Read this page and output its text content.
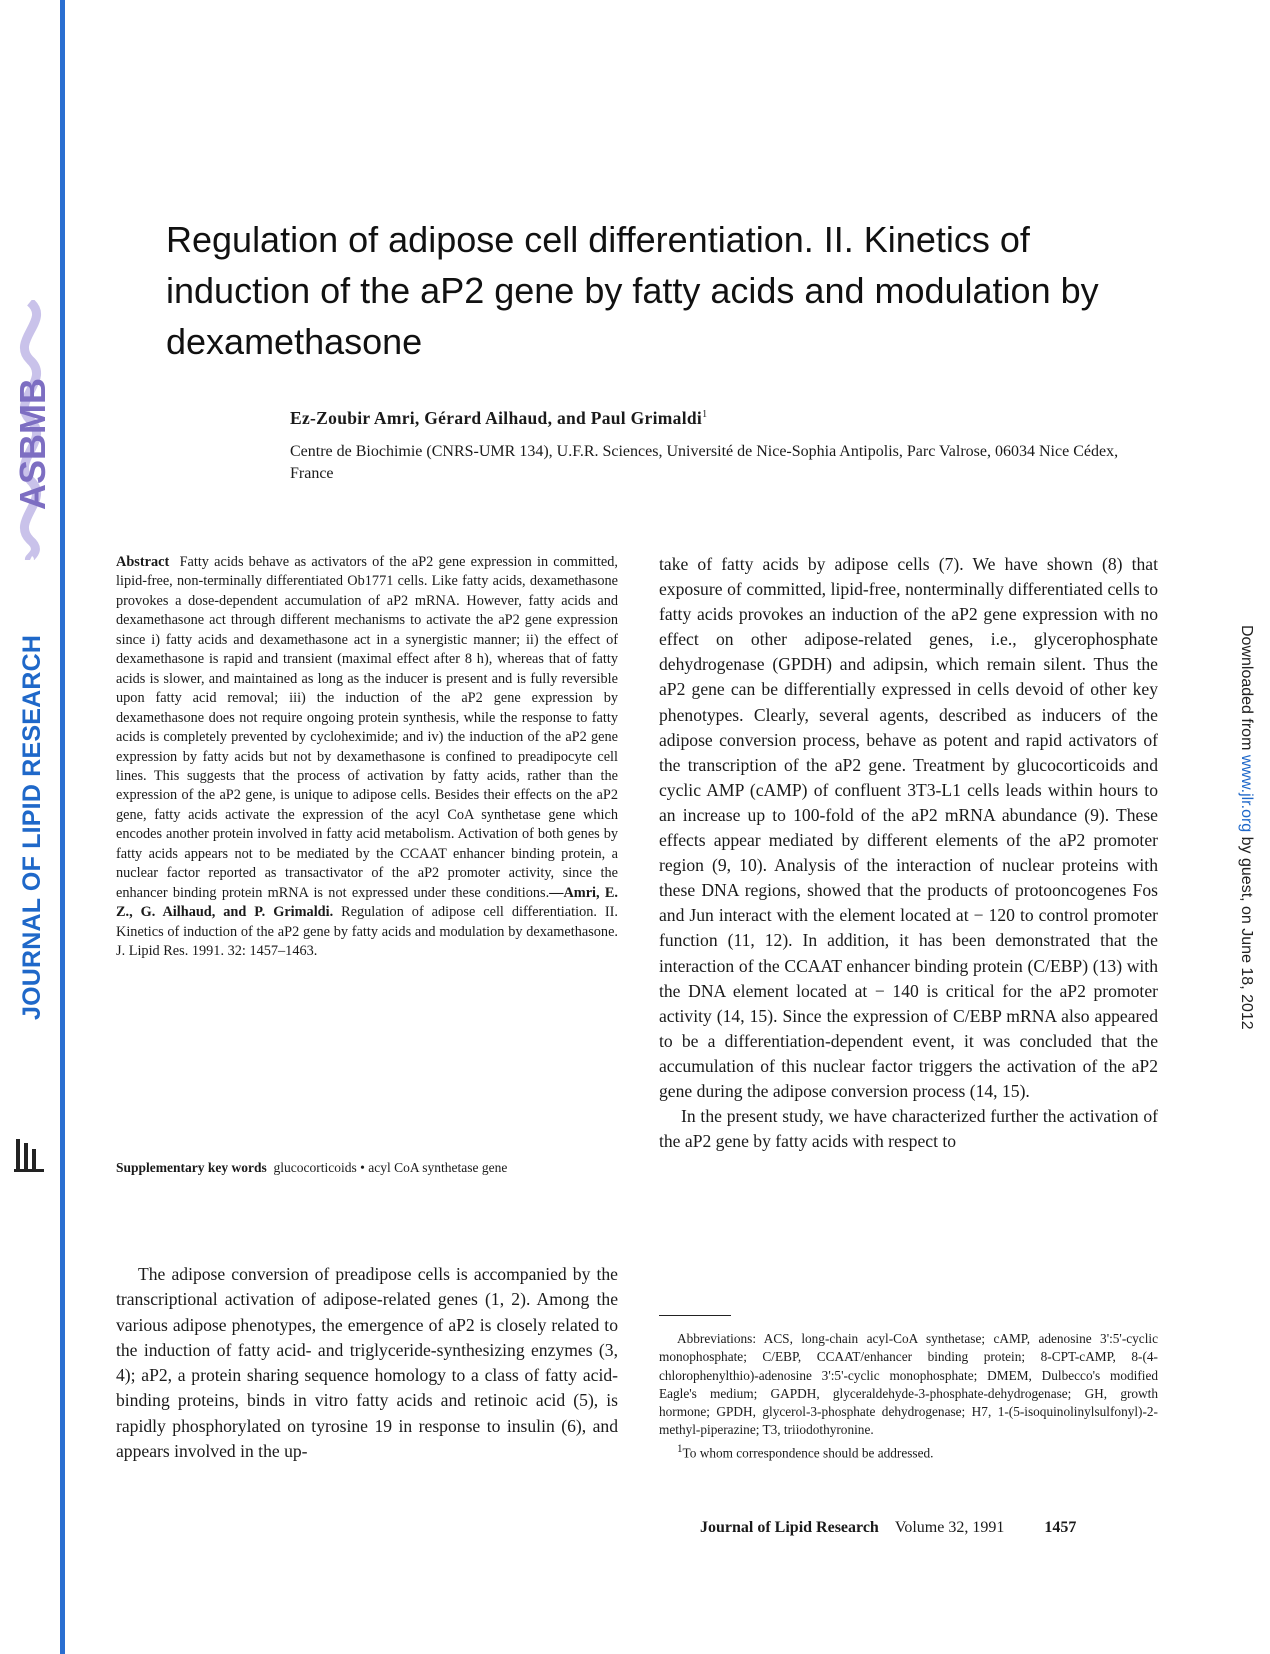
ASBMB
JOURNAL OF LIPID RESEARCH	Downloaded from www.jlr.org by guest, on June 18, 2012
Regulation of adipose cell differentiation. II. Kinetics of induction of the aP2 gene by fatty acids and modulation by dexamethasone
Ez-Zoubir Amri, Gérard Ailhaud, and Paul Grimaldi$^1$
Centre de Biochimie (CNRS-UMR 134), U.F.R. Sciences, Université de Nice-Sophia Antipolis, Parc Valrose, 06034 Nice Cédex, France

Abstract Fatty acids behave as activators of the aP2 gene expression in committed, lipid-free, non-terminally differentiated Ob1771 cells. Like fatty acids, dexamethasone provokes a dose-dependent accumulation of aP2 mRNA. However, fatty acids and dexamethasone act through different mechanisms to activate the aP2 gene expression since i) fatty acids and dexamethasone act in a synergistic manner; ii) the effect of dexamethasone is rapid and transient (maximal effect after 8 h), whereas that of fatty acids is slower, and maintained as long as the inducer is present and is fully reversible upon fatty acid removal; iii) the induction of the aP2 gene expression by dexamethasone does not require ongoing protein synthesis, while the response to fatty acids is completely prevented by cycloheximide; and iv) the induction of the aP2 gene expression by fatty acids but not by dexamethasone is confined to preadipocyte cell lines. This suggests that the process of activation by fatty acids, rather than the expression of the aP2 gene, is unique to adipose cells. Besides their effects on the aP2 gene, fatty acids activate the expression of the acyl CoA synthetase gene which encodes another protein involved in fatty acid metabolism. Activation of both genes by fatty acids appears not to be mediated by the CCAAT enhancer binding protein, a nuclear factor reported as transactivator of the aP2 promoter activity, since the enhancer binding protein mRNA is not expressed under these conditions.—Amri, E. Z., G. Ailhaud, and P. Grimaldi. Regulation of adipose cell differentiation. II. Kinetics of induction of the aP2 gene by fatty acids and modulation by dexamethasone. J. Lipid Res. 1991. 32: 1457–1463.

Supplementary key words glucocorticoids • acyl CoA synthetase gene

The adipose conversion of preadipose cells is accompanied by the transcriptional activation of adipose-related genes (1, 2). Among the various adipose phenotypes, the emergence of aP2 is closely related to the induction of fatty acid- and triglyceride-synthesizing enzymes (3, 4); aP2, a protein sharing sequence homology to a class of fatty acid-binding proteins, binds in vitro fatty acids and retinoic acid (5), is rapidly phosphorylated on tyrosine 19 in response to insulin (6), and appears involved in the up-

take of fatty acids by adipose cells (7). We have shown (8) that exposure of committed, lipid-free, nonterminally differentiated cells to fatty acids provokes an induction of the aP2 gene expression with no effect on other adipose-related genes, i.e., glycerophosphate dehydrogenase (GPDH) and adipsin, which remain silent. Thus the aP2 gene can be differentially expressed in cells devoid of other key phenotypes. Clearly, several agents, described as inducers of the adipose conversion process, behave as potent and rapid activators of the transcription of the aP2 gene. Treatment by glucocorticoids and cyclic AMP (cAMP) of confluent 3T3-L1 cells leads within hours to an increase up to 100-fold of the aP2 mRNA abundance (9). These effects appear mediated by different elements of the aP2 promoter region (9, 10). Analysis of the interaction of nuclear proteins with these DNA regions, showed that the products of protooncogenes Fos and Jun interact with the element located at − 120 to control promoter function (11, 12). In addition, it has been demonstrated that the interaction of the CCAAT enhancer binding protein (C/EBP) (13) with the DNA element located at − 140 is critical for the aP2 promoter activity (14, 15). Since the expression of C/EBP mRNA also appeared to be a differentiation-dependent event, it was concluded that the accumulation of this nuclear factor triggers the activation of the aP2 gene during the adipose conversion process (14, 15).

In the present study, we have characterized further the activation of the aP2 gene by fatty acids with respect to

Abbreviations: ACS, long-chain acyl-CoA synthetase; cAMP, adenosine 3':5'-cyclic monophosphate; C/EBP, CCAAT/enhancer binding protein; 8-CPT-cAMP, 8-(4-chlorophenylthio)-adenosine 3':5'-cyclic monophosphate; DMEM, Dulbecco's modified Eagle's medium; GAPDH, glyceraldehyde-3-phosphate-dehydrogenase; GH, growth hormone; GPDH, glycerol-3-phosphate dehydrogenase; H7, 1-(5-isoquinolinylsulfonyl)-2-methyl-piperazine; T3, triiodothyronine.

$^1$To whom correspondence should be addressed.

Journal of Lipid Research Volume 32, 1991	1457
